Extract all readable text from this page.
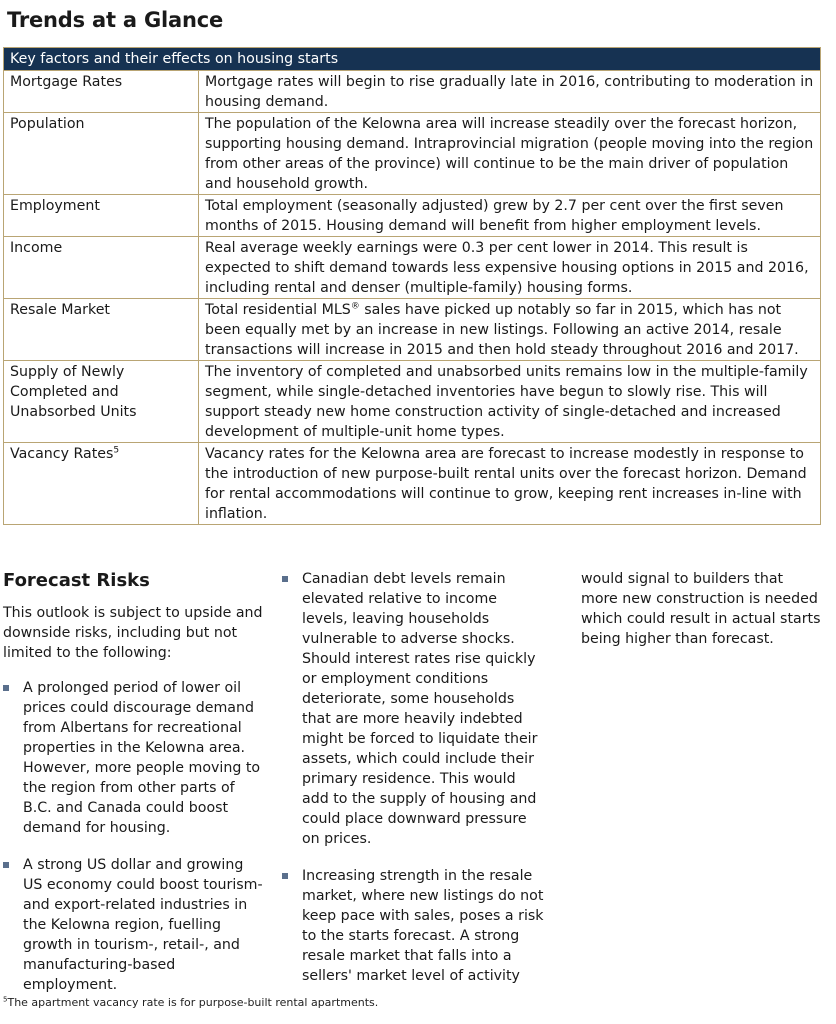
Trends at a Glance
Key factors and their effects on housing starts	
Mortgage Rates	Mortgage rates will begin to rise gradually late in 2016, contributing to moderation in housing demand.
Population	The population of the Kelowna area will increase steadily over the forecast horizon, supporting housing demand. Intraprovincial migration (people moving into the region from other areas of the province) will continue to be the main driver of population and household growth.
Employment	Total employment (seasonally adjusted) grew by 2.7 per cent over the first seven months of 2015. Housing demand will benefit from higher employment levels.
Income	Real average weekly earnings were 0.3 per cent lower in 2014. This result is expected to shift demand towards less expensive housing options in 2015 and 2016, including rental and denser (multiple-family) housing forms.
Resale Market	Total residential MLS® sales have picked up notably so far in 2015, which has not been equally met by an increase in new listings. Following an active 2014, resale transactions will increase in 2015 and then hold steady throughout 2016 and 2017.
Supply of Newly Completed and Unabsorbed Units	The inventory of completed and unabsorbed units remains low in the multiple-family segment, while single-detached inventories have begun to slowly rise. This will support steady new home construction activity of single-detached and increased development of multiple-unit home types.
Vacancy Rates$^5$	Vacancy rates for the Kelowna area are forecast to increase modestly in response to the introduction of new purpose-built rental units over the forecast horizon. Demand for rental accommodations will continue to grow, keeping rent increases in-line with inflation.
Forecast Risks
This outlook is subject to upside and downside risks, including but not limited to the following:
A prolonged period of lower oil prices could discourage demand from Albertans for recreational properties in the Kelowna area. However, more people moving to the region from other parts of B.C. and Canada could boost demand for housing.
A strong US dollar and growing US economy could boost tourism- and export-related industries in the Kelowna region, fuelling growth in tourism-, retail-, and manufacturing-based employment.
Canadian debt levels remain elevated relative to income levels, leaving households vulnerable to adverse shocks. Should interest rates rise quickly or employment conditions deteriorate, some households that are more heavily indebted might be forced to liquidate their assets, which could include their primary residence. This would add to the supply of housing and could place downward pressure on prices.
Increasing strength in the resale market, where new listings do not keep pace with sales, poses a risk to the starts forecast. A strong resale market that falls into a sellers' market level of activity
would signal to builders that more new construction is needed which could result in actual starts being higher than forecast.
$^5$The apartment vacancy rate is for purpose-built rental apartments.
